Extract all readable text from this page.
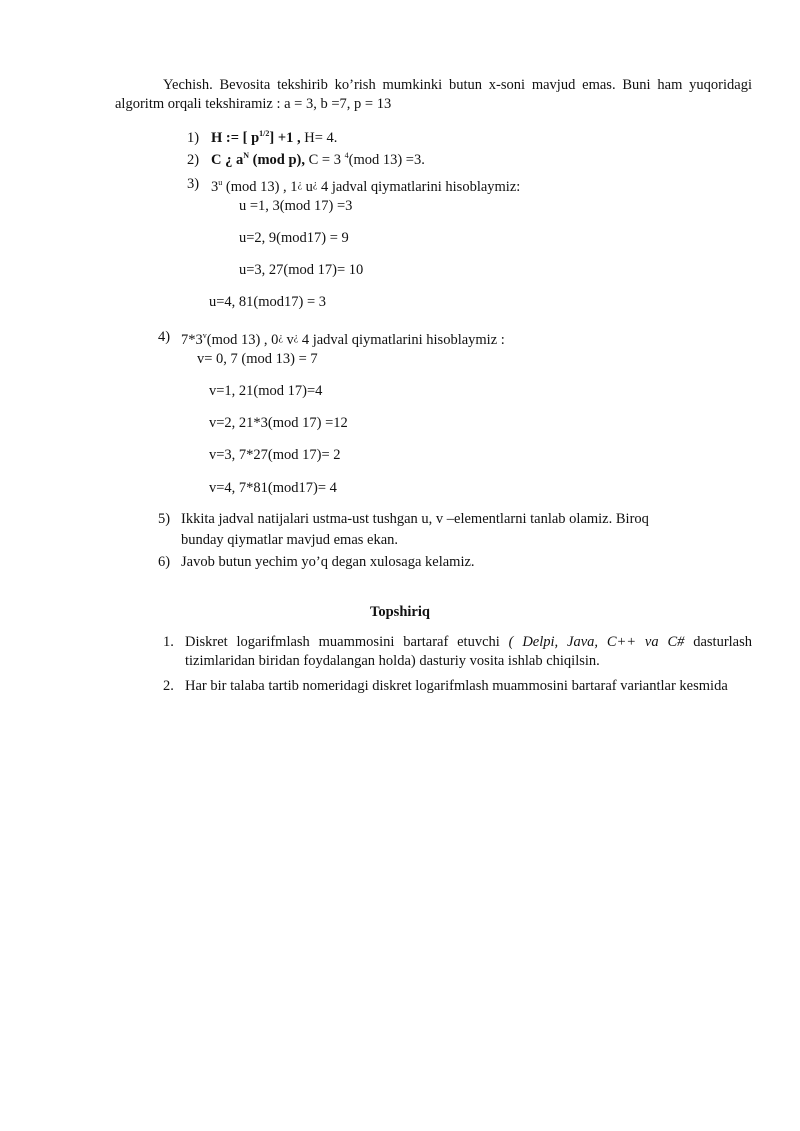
Yechish. Bevosita tekshirib ko’rish mumkinki butun x-soni mavjud emas. Buni ham yuqoridagi algoritm orqali tekshiramiz : a = 3, b =7, p = 13
1) H := [ $p^{1/2}] +1$ , H= 4.
2) C ¿ $a^N$ (mod p), C = 3 $^4$(mod 13) =3.
3) 3$^u$ (mod 13) , 1¿ u¿ 4 jadval qiymatlarini hisoblaymiz:
u =1, 3(mod 17) =3
u=2, 9(mod17) = 9
u=3, 27(mod 17)= 10
u=4, 81(mod17) = 3
4) 7*3$^v$(mod 13) , 0¿ v¿ 4 jadval qiymatlarini hisoblaymiz :
v= 0, 7 (mod 13) = 7
v=1, 21(mod 17)=4
v=2, 21*3(mod 17) =12
v=3, 7*27(mod 17)= 2
v=4, 7*81(mod17)= 4
5) Ikkita jadval natijalari ustma-ust tushgan u, v –elementlarni tanlab olamiz. Biroq
bunday qiymatlar mavjud emas ekan.
6) Javob butun yechim yo’q degan xulosaga kelamiz.
Topshiriq
1. Diskret logarifmlash muammosini bartaraf etuvchi ( Delpi, Java, C++ va C# dasturlash tizimlaridan biridan foydalangan holda) dasturiy vosita ishlab chiqilsin.
2. Har bir talaba tartib nomeridagi diskret logarifmlash muammosini bartaraf variantlar kesmida
